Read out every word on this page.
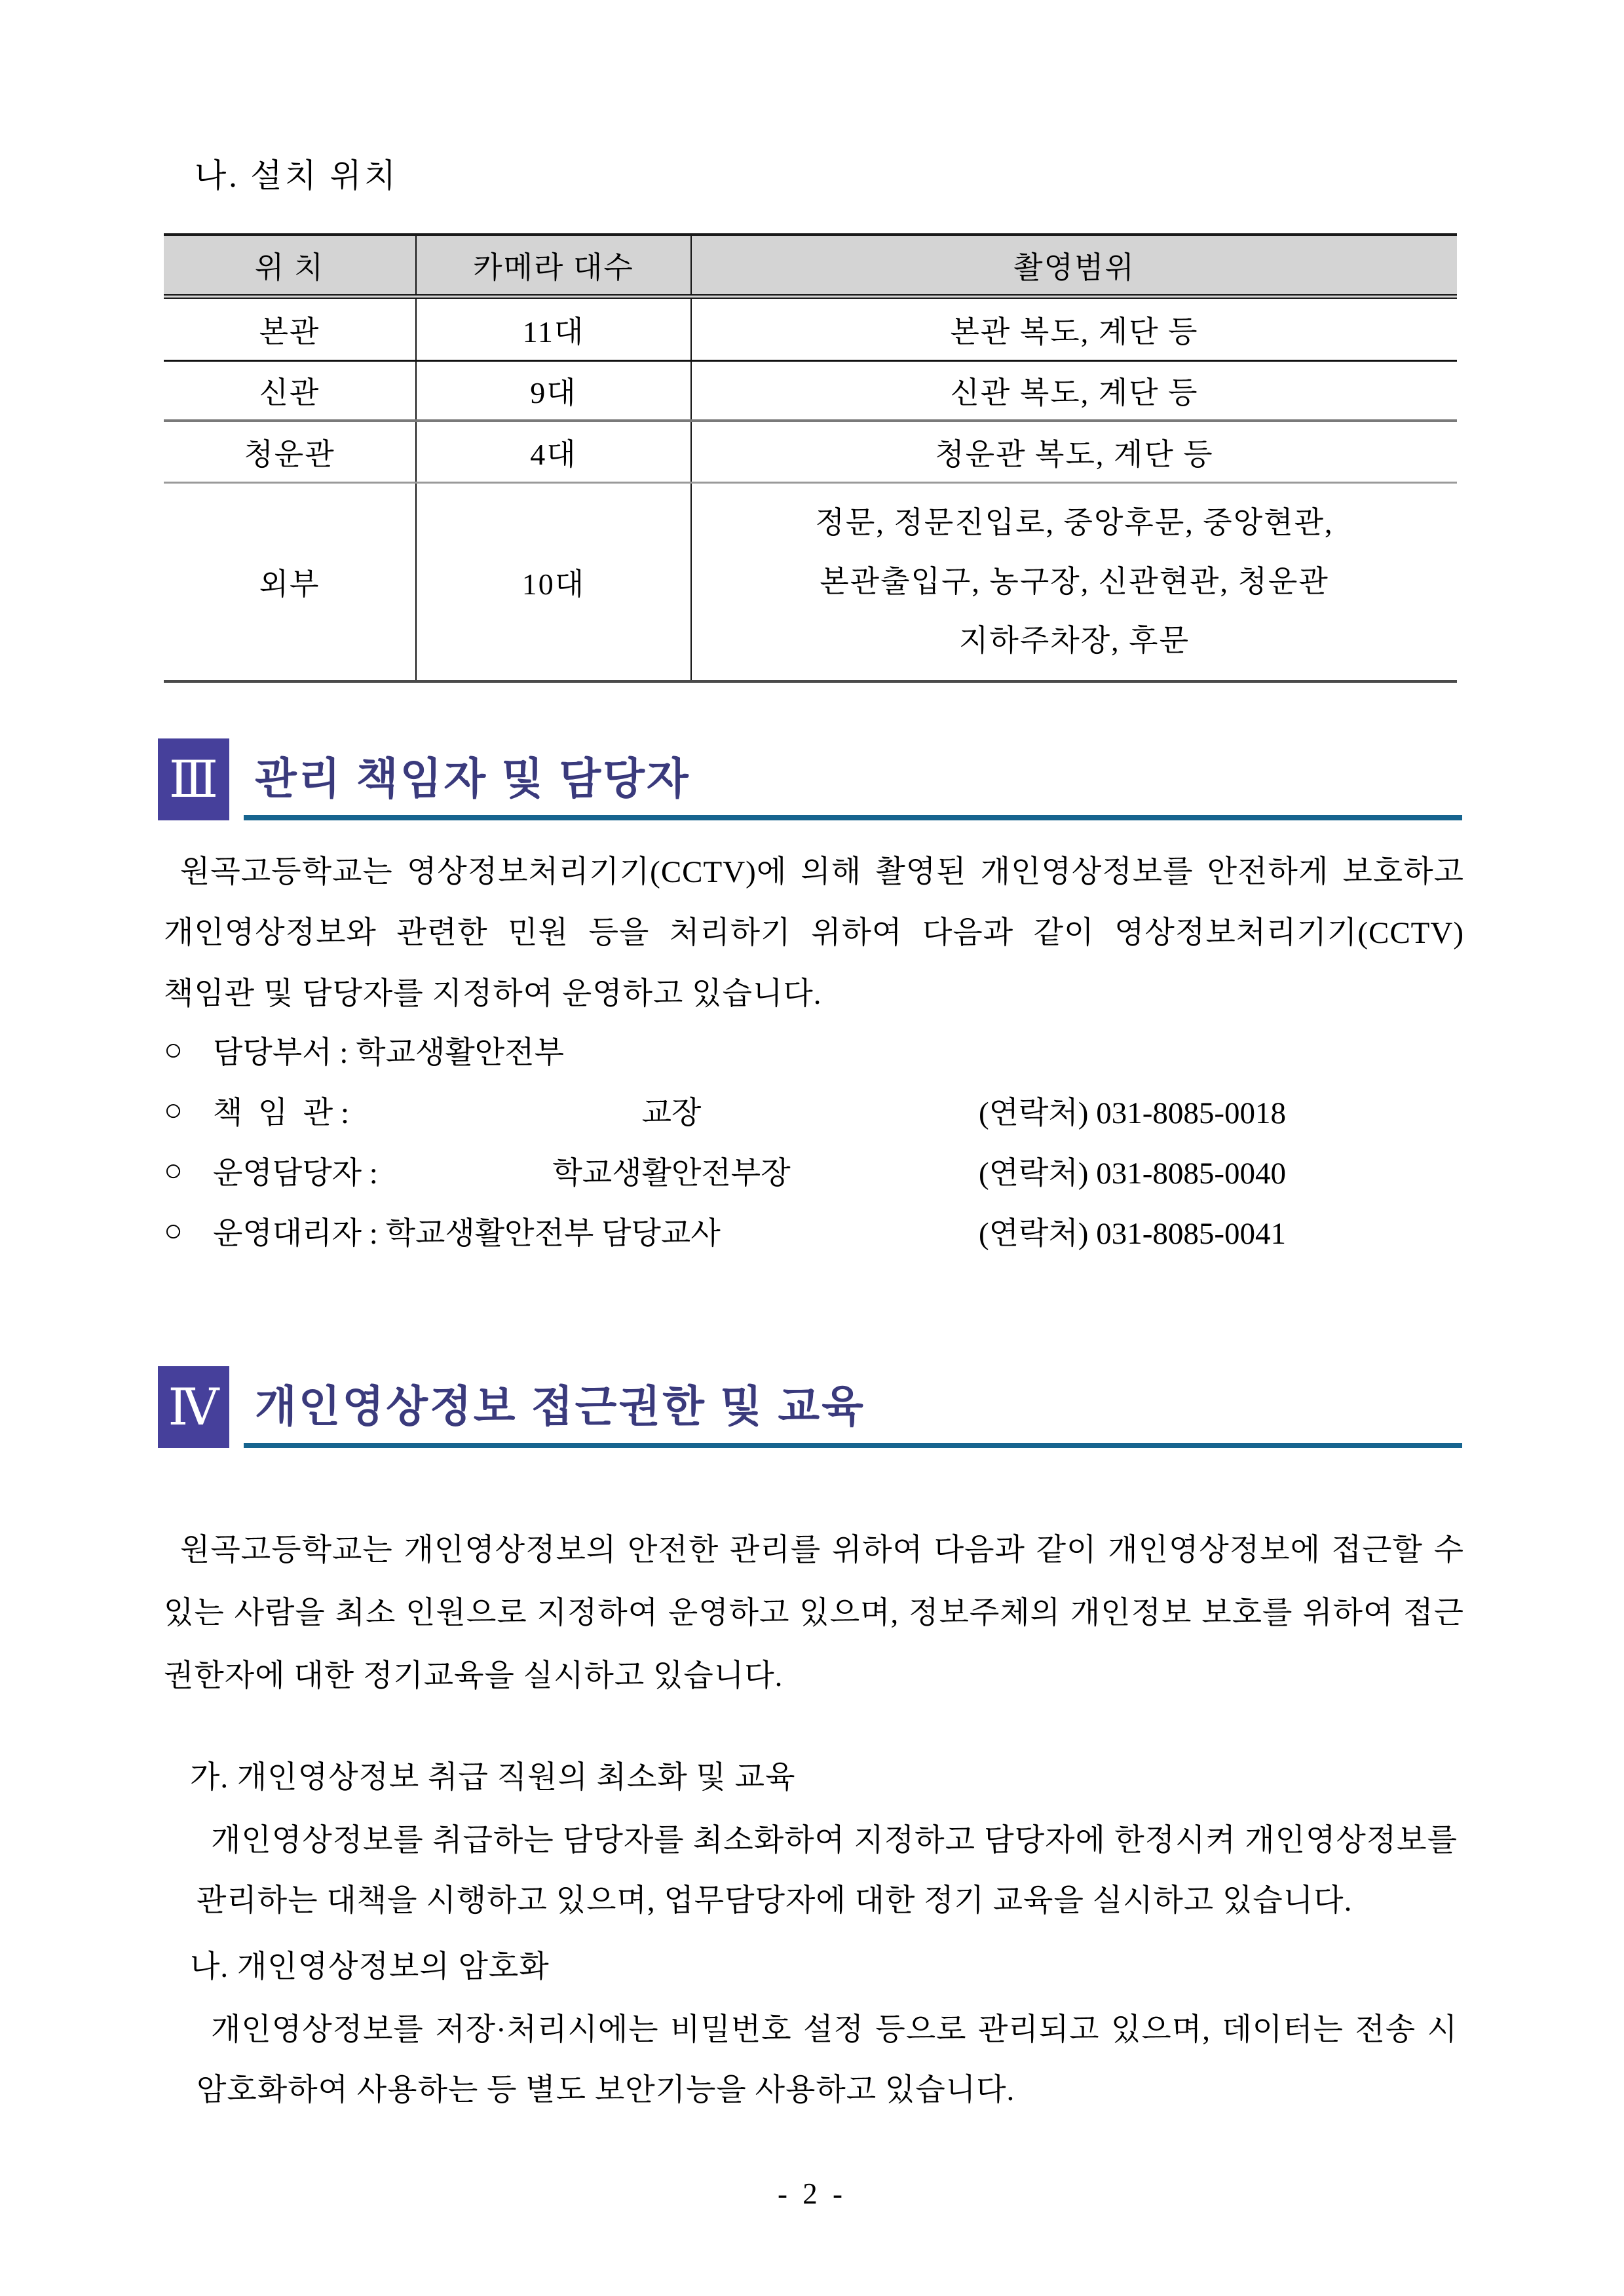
나. 설치 위치
위 치	카메라 대수	촬영범위
본관	11대	본관 복도, 계단 등
신관	9대	신관 복도, 계단 등
청운관	4대	청운관 복도, 계단 등
외부	10대	정문, 정문진입로, 중앙후문, 중앙현관,
본관출입구, 농구장, 신관현관, 청운관
지하주차장, 후문
Ⅲ 관리 책임자 및 담당자
원곡고등학교는 영상정보처리기기(CCTV)에 의해 촬영된 개인영상정보를 안전하게 보호하고 개인영상정보와 관련한 민원 등을 처리하기 위하여 다음과 같이 영상정보처리기기(CCTV) 책임관 및 담당자를 지정하여 운영하고 있습니다.
○ 담당부서 : 학교생활안전부
○ 책  임  관 :	교장	(연락처) 031-8085-0018
○ 운영담당자 :	학교생활안전부장	(연락처) 031-8085-0040
○ 운영대리자 : 학교생활안전부 담당교사	(연락처) 031-8085-0041
Ⅳ 개인영상정보 접근권한 및 교육
원곡고등학교는 개인영상정보의 안전한 관리를 위하여 다음과 같이 개인영상정보에 접근할 수 있는 사람을 최소 인원으로 지정하여 운영하고 있으며, 정보주체의 개인정보 보호를 위하여 접근 권한자에 대한 정기교육을 실시하고 있습니다.

가. 개인영상정보 취급 직원의 최소화 및 교육

개인영상정보를 취급하는 담당자를 최소화하여 지정하고 담당자에 한정시켜 개인영상정보를 관리하는 대책을 시행하고 있으며, 업무담당자에 대한 정기 교육을 실시하고 있습니다.

나. 개인영상정보의 암호화

개인영상정보를 저장·처리시에는 비밀번호 설정 등으로 관리되고 있으며, 데이터는 전송 시 암호화하여 사용하는 등 별도 보안기능을 사용하고 있습니다.

- 2 -
